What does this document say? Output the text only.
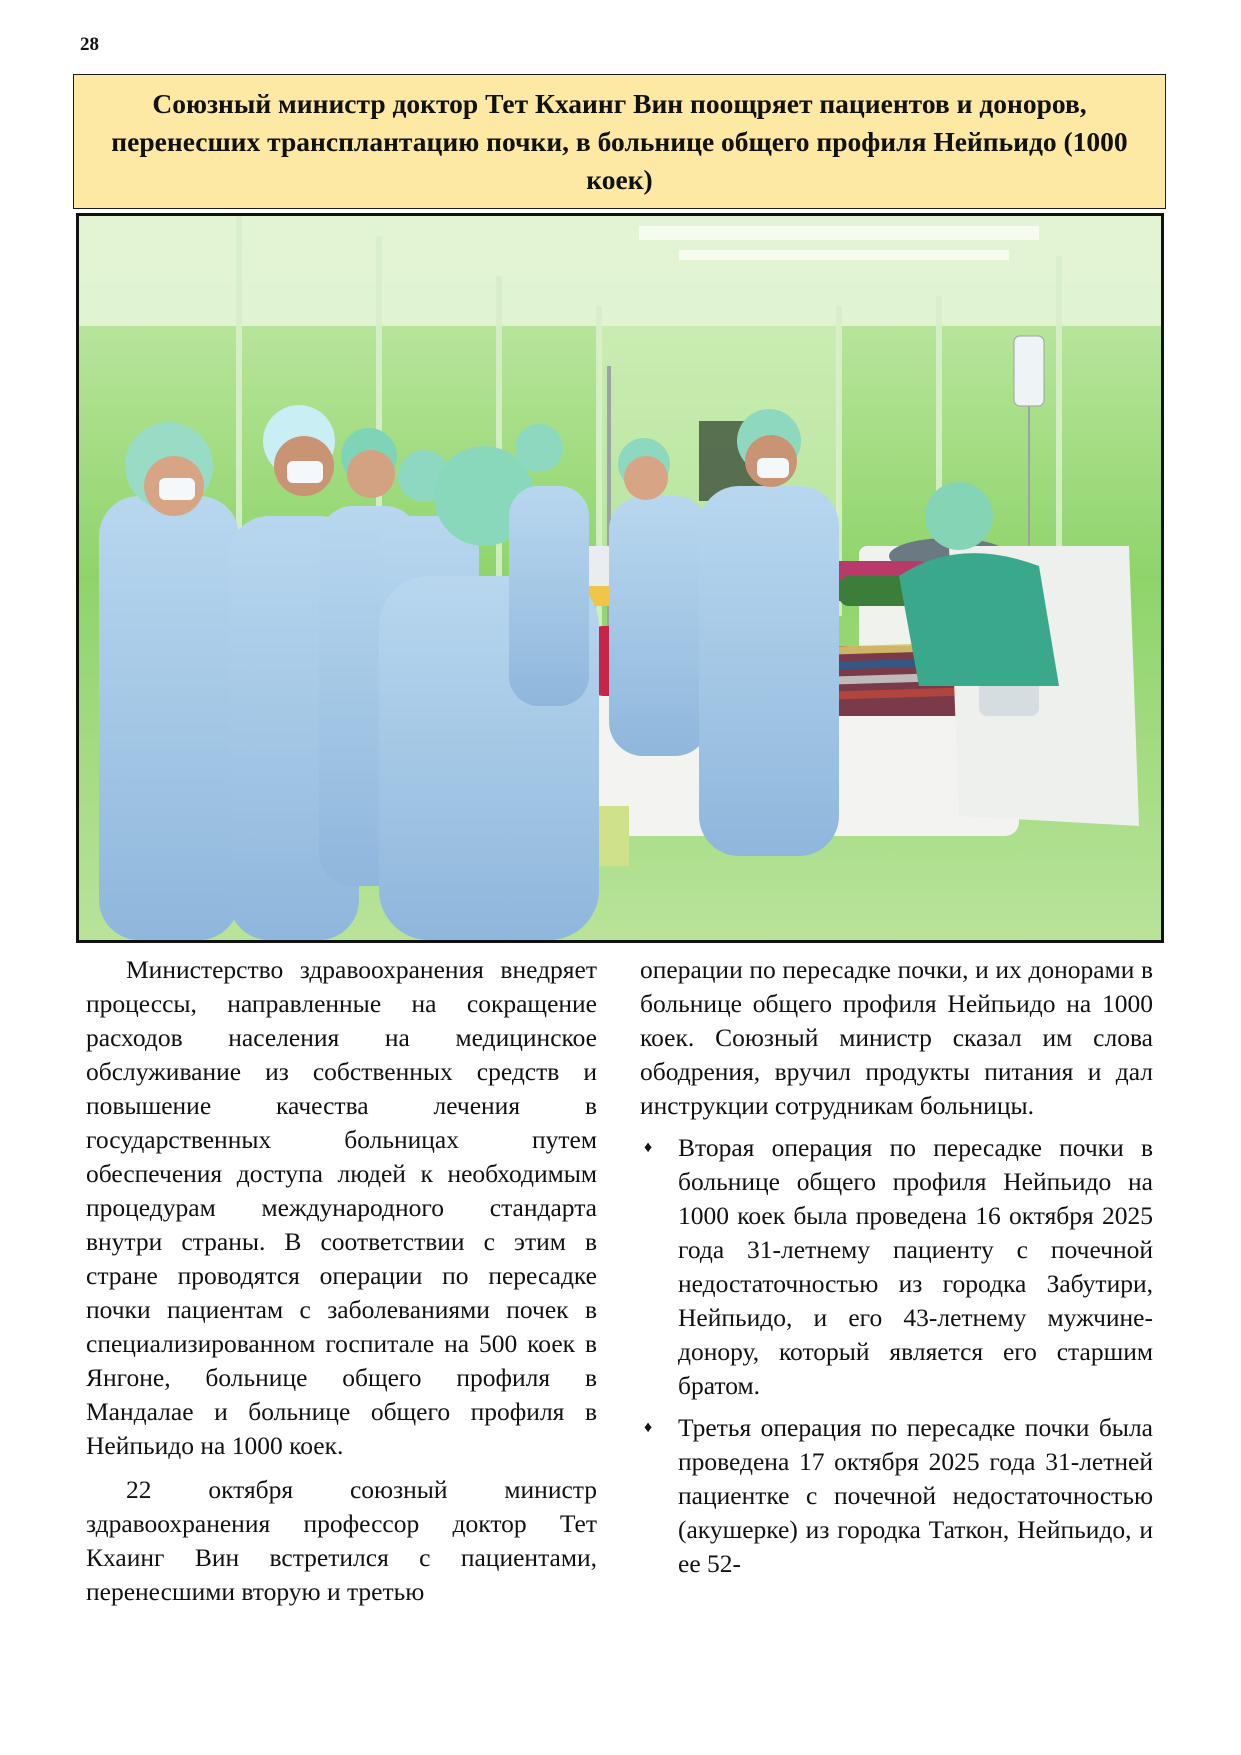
28
Союзный министр доктор Тет Кхаинг Вин поощряет пациентов и доноров, перенесших трансплантацию почки, в больнице общего профиля Нейпьидо (1000 коек)

Министерство здравоохранения внедряет процессы, направленные на сокращение расходов населения на медицинское обслуживание из собственных средств и повышение качества лечения в государственных больницах путем обеспечения доступа людей к необходимым процедурам международного стандарта внутри страны. В соответствии с этим в стране проводятся операции по пересадке почки пациентам с заболеваниями почек в специализированном госпитале на 500 коек в Янгоне, больнице общего профиля в Мандалае и больнице общего профиля в Нейпьидо на 1000 коек.

22 октября союзный министр здравоохранения профессор доктор Тет Кхаинг Вин встретился с пациентами, перенесшими вторую и третью

операции по пересадке почки, и их донорами в больнице общего профиля Нейпьидо на 1000 коек. Союзный министр сказал им слова ободрения, вручил продукты питания и дал инструкции сотрудникам больницы.

♦ Вторая операция по пересадке почки в больнице общего профиля Нейпьидо на 1000 коек была проведена 16 октября 2025 года 31-летнему пациенту с почечной недостаточностью из городка Забутири, Нейпьидо, и его 43-летнему мужчине-донору, который является его старшим братом.
♦ Третья операция по пересадке почки была проведена 17 октября 2025 года 31-летней пациентке с почечной недостаточностью (акушерке) из городка Таткон, Нейпьидо, и ее 52-
